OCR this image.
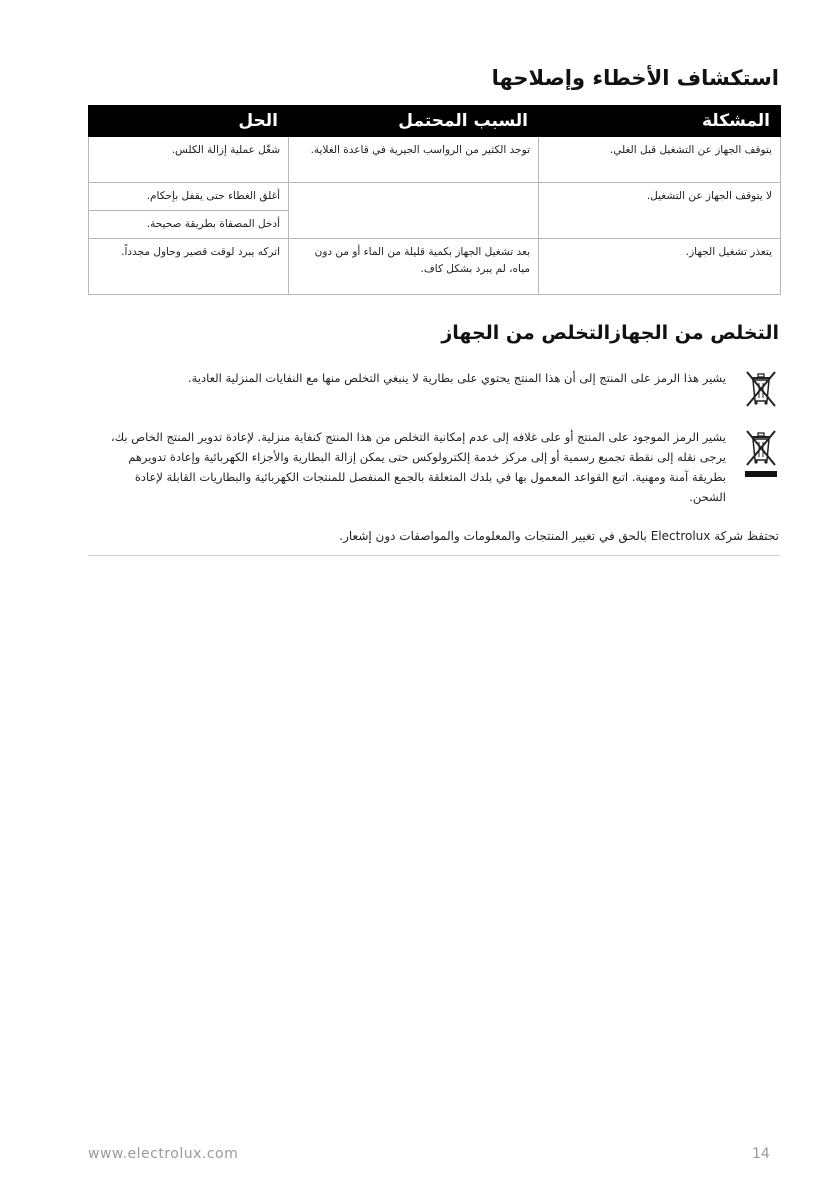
استكشاف الأخطاء وإصلاحها
المشكلة	السبب المحتمل	الحل
يتوقف الجهاز عن التشغيل قبل الغلي.	توجد الكثير من الرواسب الجيرية في قاعدة الغلاية.	شغّل عملية إزالة الكلس.
لا يتوقف الجهاز عن التشغيل.		أغلق الغطاء حتى يقفل بإحكام.
		أدخل المصفاة بطريقة صحيحة.
يتعذر تشغيل الجهاز.	بعد تشغيل الجهاز بكمية قليلة من الماء أو من دون مياه، لم يبرد بشكل كاف.	اتركه يبرد لوقت قصير وحاول مجدداً.
التخلص من الجهازالتخلص من الجهاز
يشير هذا الرمز على المنتج إلى أن هذا المنتج يحتوي على بطارية لا ينبغي التخلص منها مع النفايات المنزلية العادية.
يشير الرمز الموجود على المنتج أو على غلافه إلى عدم إمكانية التخلص من هذا المنتج كنفاية منزلية. لإعادة تدوير المنتج الخاص بك، يرجى نقله إلى نقطة تجميع رسمية أو إلى مركز خدمة إلكترولوكس حتى يمكن إزالة البطارية والأجزاء الكهربائية وإعادة تدويرهم بطريقة آمنة ومهنية. اتبع القواعد المعمول بها في بلدك المتعلقة بالجمع المنفصل للمنتجات الكهربائية والبطاريات القابلة لإعادة الشحن.
تحتفظ شركة Electrolux بالحق في تغيير المنتجات والمعلومات والمواصفات دون إشعار.
www.electrolux.com	14
